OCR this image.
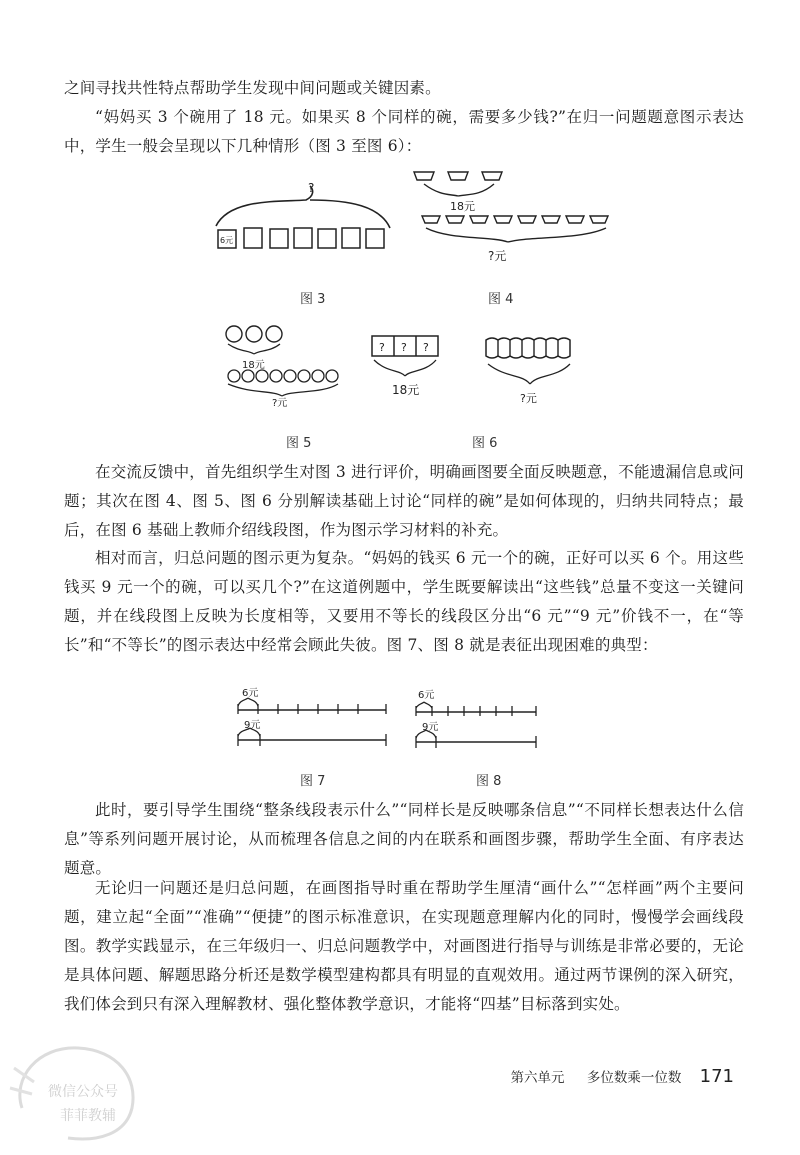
之间寻找共性特点帮助学生发现中间问题或关键因素。

“妈妈买 3 个碗用了 18 元。如果买 8 个同样的碗，需要多少钱?”在归一问题题意图示表达中，学生一般会呈现以下几种情形（图 3 至图 6）：

?
6元
图 3
18元
?元
图 4
18元
?元
图 5
? ? ?
18元
?元
图 6

在交流反馈中，首先组织学生对图 3 进行评价，明确画图要全面反映题意，不能遗漏信息或问题；其次在图 4、图 5、图 6 分别解读基础上讨论“同样的碗”是如何体现的，归纳共同特点；最后，在图 6 基础上教师介绍线段图，作为图示学习材料的补充。

相对而言，归总问题的图示更为复杂。“妈妈的钱买 6 元一个的碗，正好可以买 6 个。用这些钱买 9 元一个的碗，可以买几个?”在这道例题中，学生既要解读出“这些钱”总量不变这一关键问题，并在线段图上反映为长度相等，又要用不等长的线段区分出“6 元”“9 元”价钱不一，在“等长”和“不等长”的图示表达中经常会顾此失彼。图 7、图 8 就是表征出现困难的典型：

6元
9元
图 7
6元
9元
图 8

此时，要引导学生围绕“整条线段表示什么”“同样长是反映哪条信息”“不同样长想表达什么信息”等系列问题开展讨论，从而梳理各信息之间的内在联系和画图步骤，帮助学生全面、有序表达题意。

无论归一问题还是归总问题，在画图指导时重在帮助学生厘清“画什么”“怎样画”两个主要问题，建立起“全面”“准确”“便捷”的图示标准意识，在实现题意理解内化的同时，慢慢学会画线段图。教学实践显示，在三年级归一、归总问题教学中，对画图进行指导与训练是非常必要的，无论是具体问题、解题思路分析还是数学模型建构都具有明显的直观效用。通过两节课例的深入研究，我们体会到只有深入理解教材、强化整体教学意识，才能将“四基”目标落到实处。

微信公众号
菲菲教辅
第六单元 多位数乘一位数 171
